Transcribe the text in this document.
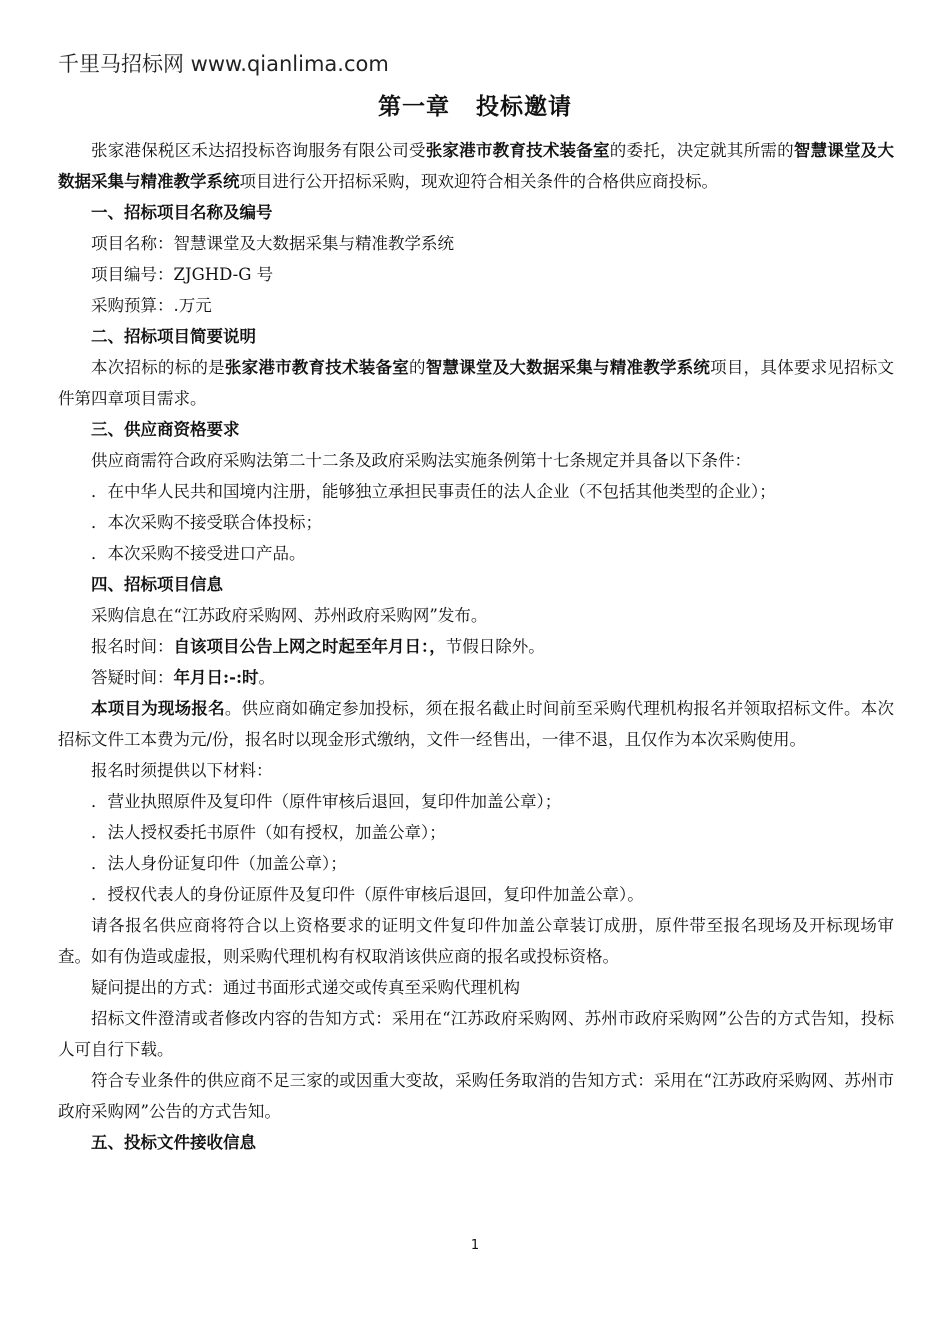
千里马招标网 www.qianlima.com
第一章 投标邀请

张家港保税区禾达招投标咨询服务有限公司受张家港市教育技术装备室的委托，决定就其所需的智慧课堂及大数据采集与精准教学系统项目进行公开招标采购，现欢迎符合相关条件的合格供应商投标。

一、招标项目名称及编号

项目名称：智慧课堂及大数据采集与精准教学系统

项目编号：ZJGHD-G 号

采购预算：.万元

二、招标项目简要说明

本次招标的标的是张家港市教育技术装备室的智慧课堂及大数据采集与精准教学系统项目，具体要求见招标文件第四章项目需求。

三、供应商资格要求

供应商需符合政府采购法第二十二条及政府采购法实施条例第十七条规定并具备以下条件：

．在中华人民共和国境内注册，能够独立承担民事责任的法人企业（不包括其他类型的企业）；

．本次采购不接受联合体投标；

．本次采购不接受进口产品。

四、招标项目信息

采购信息在“江苏政府采购网、苏州政府采购网”发布。

报名时间：自该项目公告上网之时起至年月日：，节假日除外。

答疑时间：年月日:-:时。

本项目为现场报名。供应商如确定参加投标，须在报名截止时间前至采购代理机构报名并领取招标文件。本次招标文件工本费为元/份，报名时以现金形式缴纳，文件一经售出，一律不退，且仅作为本次采购使用。

报名时须提供以下材料：

．营业执照原件及复印件（原件审核后退回，复印件加盖公章）；

．法人授权委托书原件（如有授权，加盖公章）；

．法人身份证复印件（加盖公章）；

．授权代表人的身份证原件及复印件（原件审核后退回，复印件加盖公章）。

请各报名供应商将符合以上资格要求的证明文件复印件加盖公章装订成册，原件带至报名现场及开标现场审查。如有伪造或虚报，则采购代理机构有权取消该供应商的报名或投标资格。

疑问提出的方式：通过书面形式递交或传真至采购代理机构

招标文件澄清或者修改内容的告知方式：采用在“江苏政府采购网、苏州市政府采购网”公告的方式告知，投标人可自行下载。

符合专业条件的供应商不足三家的或因重大变故，采购任务取消的告知方式：采用在“江苏政府采购网、苏州市政府采购网”公告的方式告知。

五、投标文件接收信息

1
